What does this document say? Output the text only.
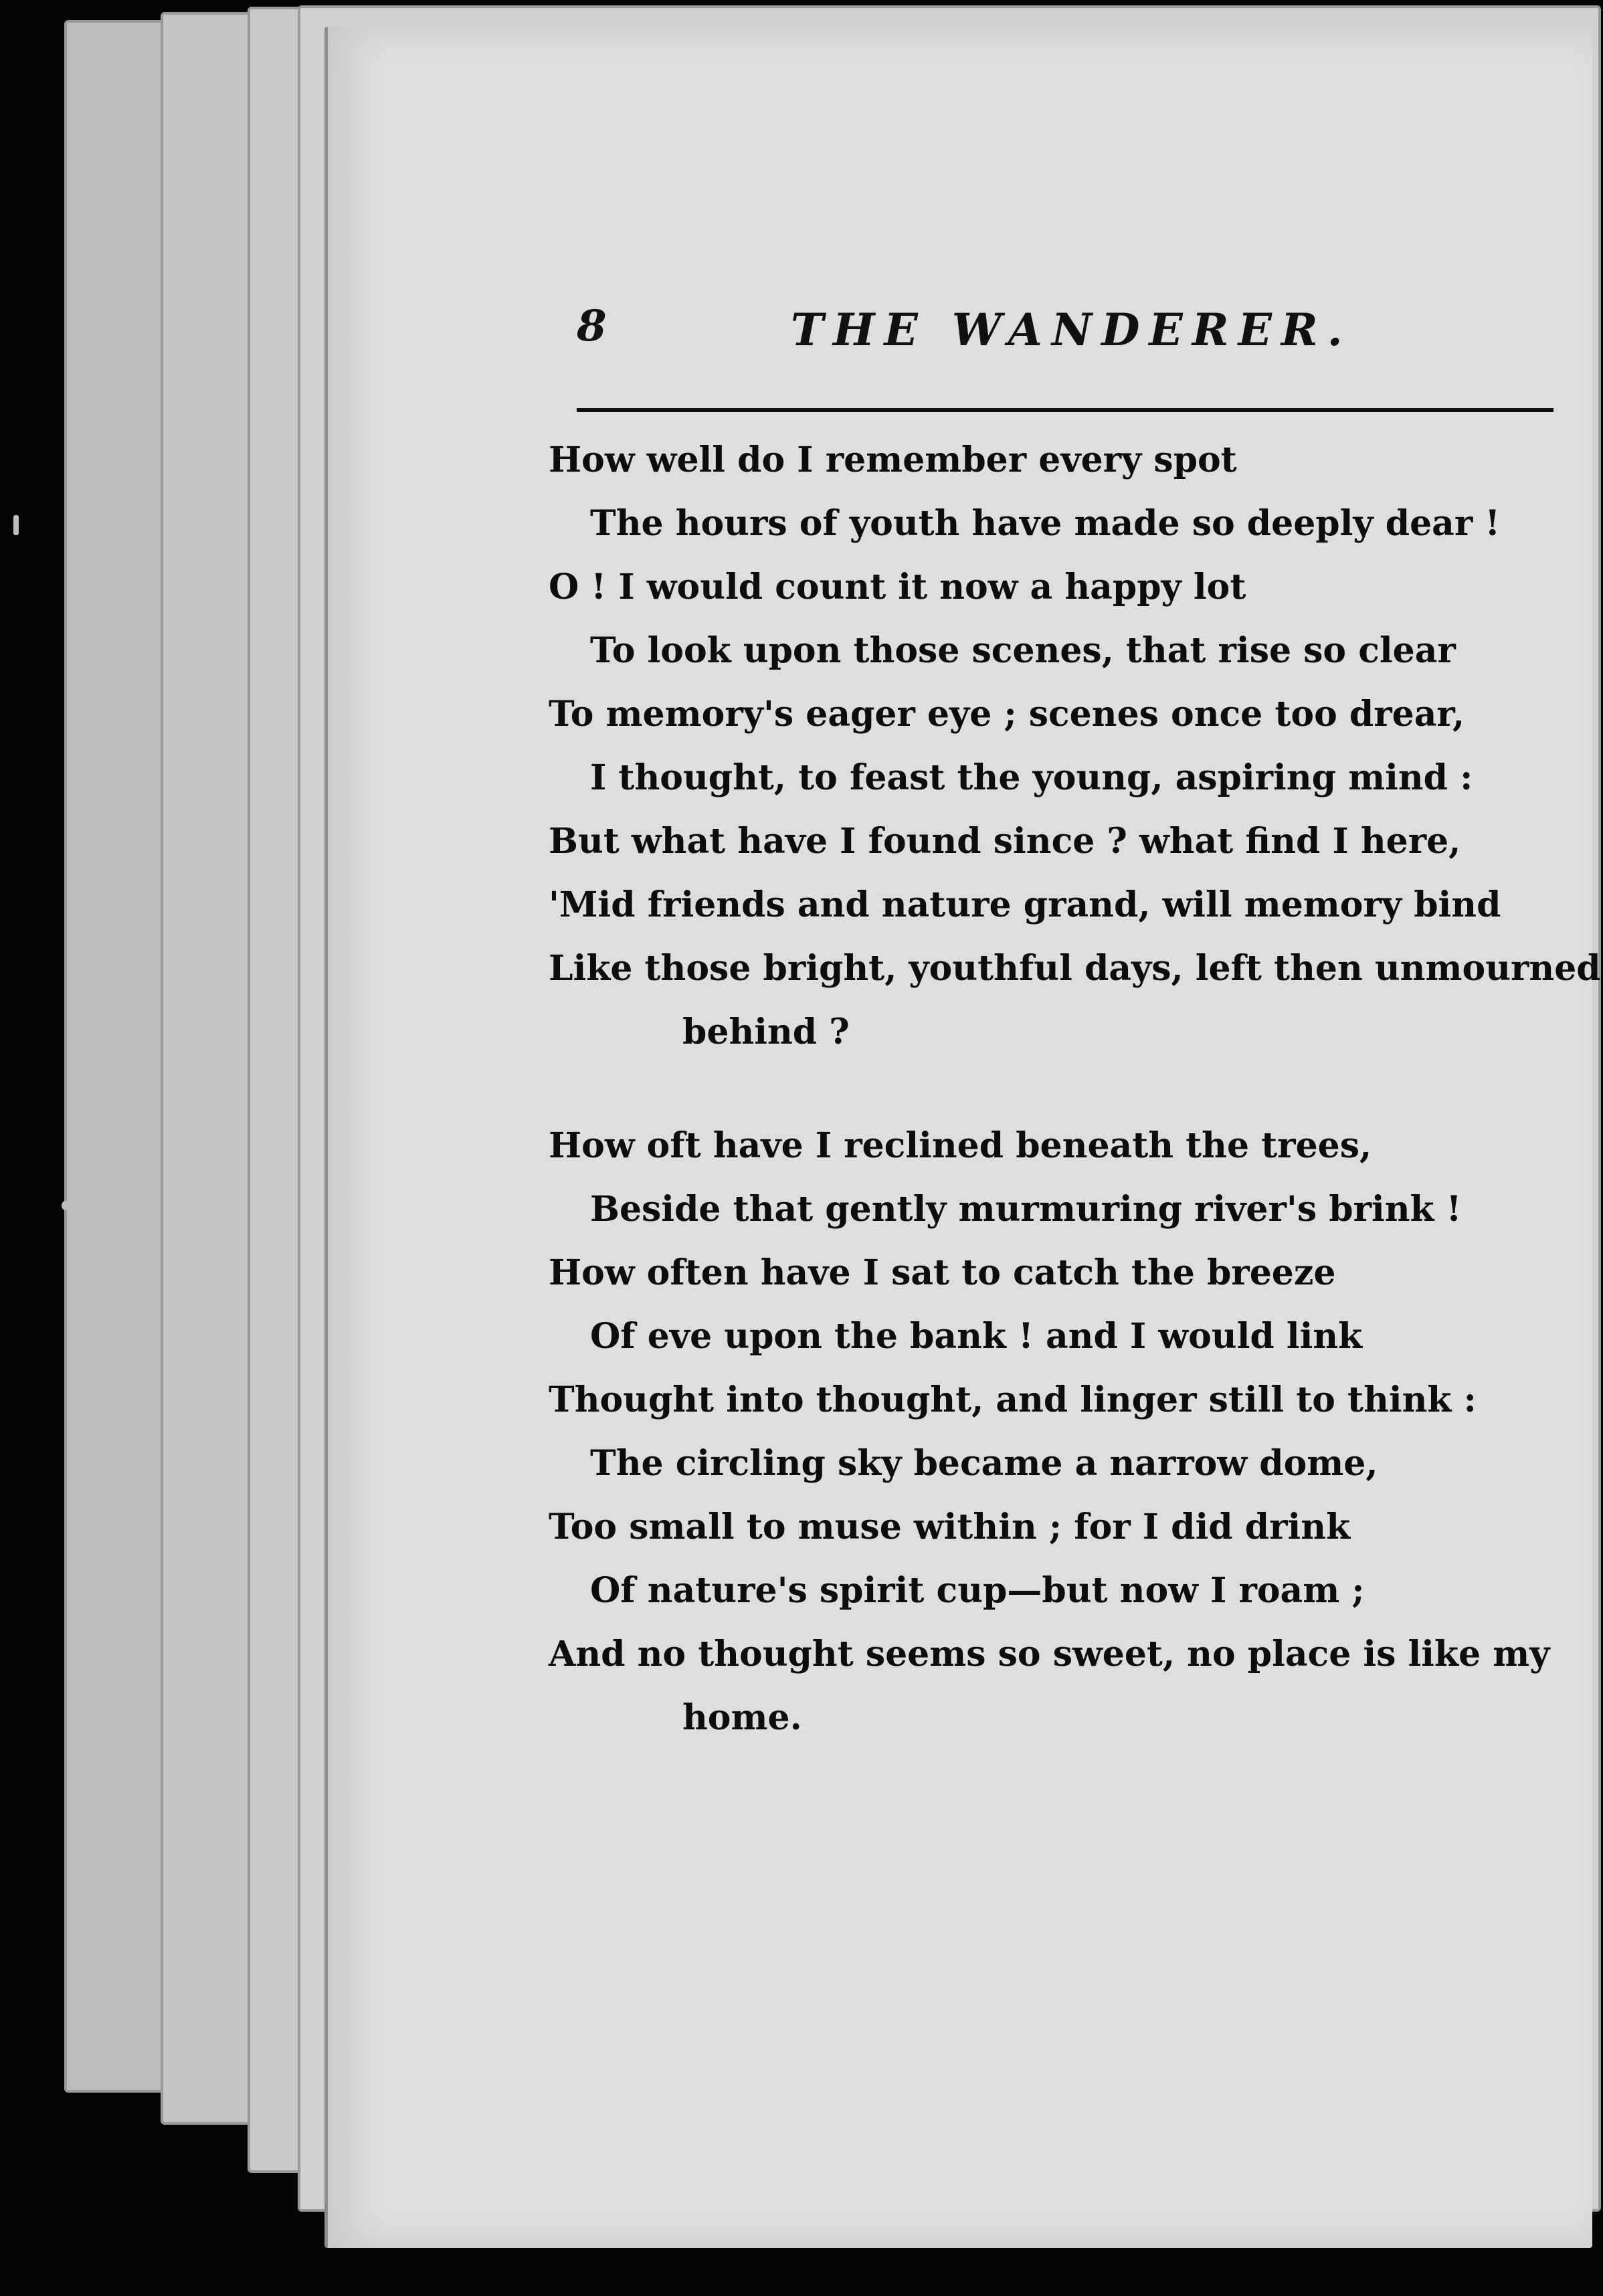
8	THE WANDERER.
How well do I remember every spot
The hours of youth have made so deeply dear !
O ! I would count it now a happy lot
To look upon those scenes, that rise so clear
To memory's eager eye ; scenes once too drear,
I thought, to feast the young, aspiring mind :
But what have I found since ? what find I here,
'Mid friends and nature grand, will memory bind
Like those bright, youthful days, left then unmourned
behind ?
How oft have I reclined beneath the trees,
Beside that gently murmuring river's brink !
How often have I sat to catch the breeze
Of eve upon the bank ! and I would link
Thought into thought, and linger still to think :
The circling sky became a narrow dome,
Too small to muse within ; for I did drink
Of nature's spirit cup—but now I roam ;
And no thought seems so sweet, no place is like my
home.
